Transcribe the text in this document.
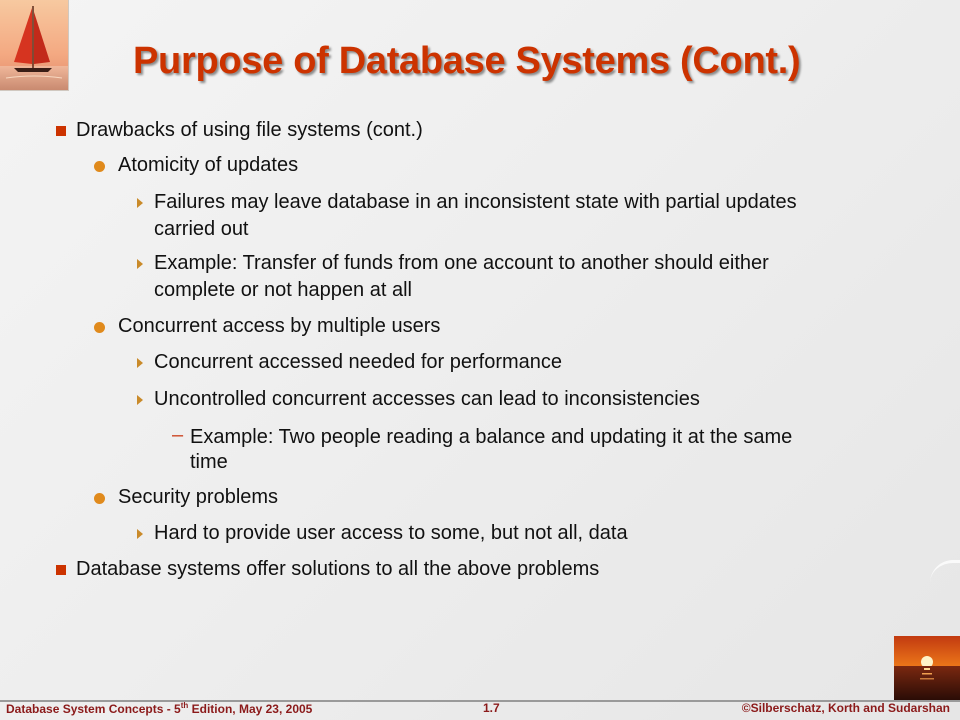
Purpose of Database Systems (Cont.)
Drawbacks of using file systems (cont.)
Atomicity of updates
Failures may leave database in an inconsistent state with partial updates
carried out
Example: Transfer of funds from one account to another should either
complete or not happen at all
Concurrent access by multiple users
Concurrent accessed needed for performance
Uncontrolled concurrent accesses can lead to inconsistencies
– Example: Two people reading a balance and updating it at the same
time
Security problems
Hard to provide user access to some, but not all, data
Database systems offer solutions to all the above problems
Database System Concepts - 5th Edition, May 23, 2005	1.7	©Silberschatz, Korth and Sudarshan
